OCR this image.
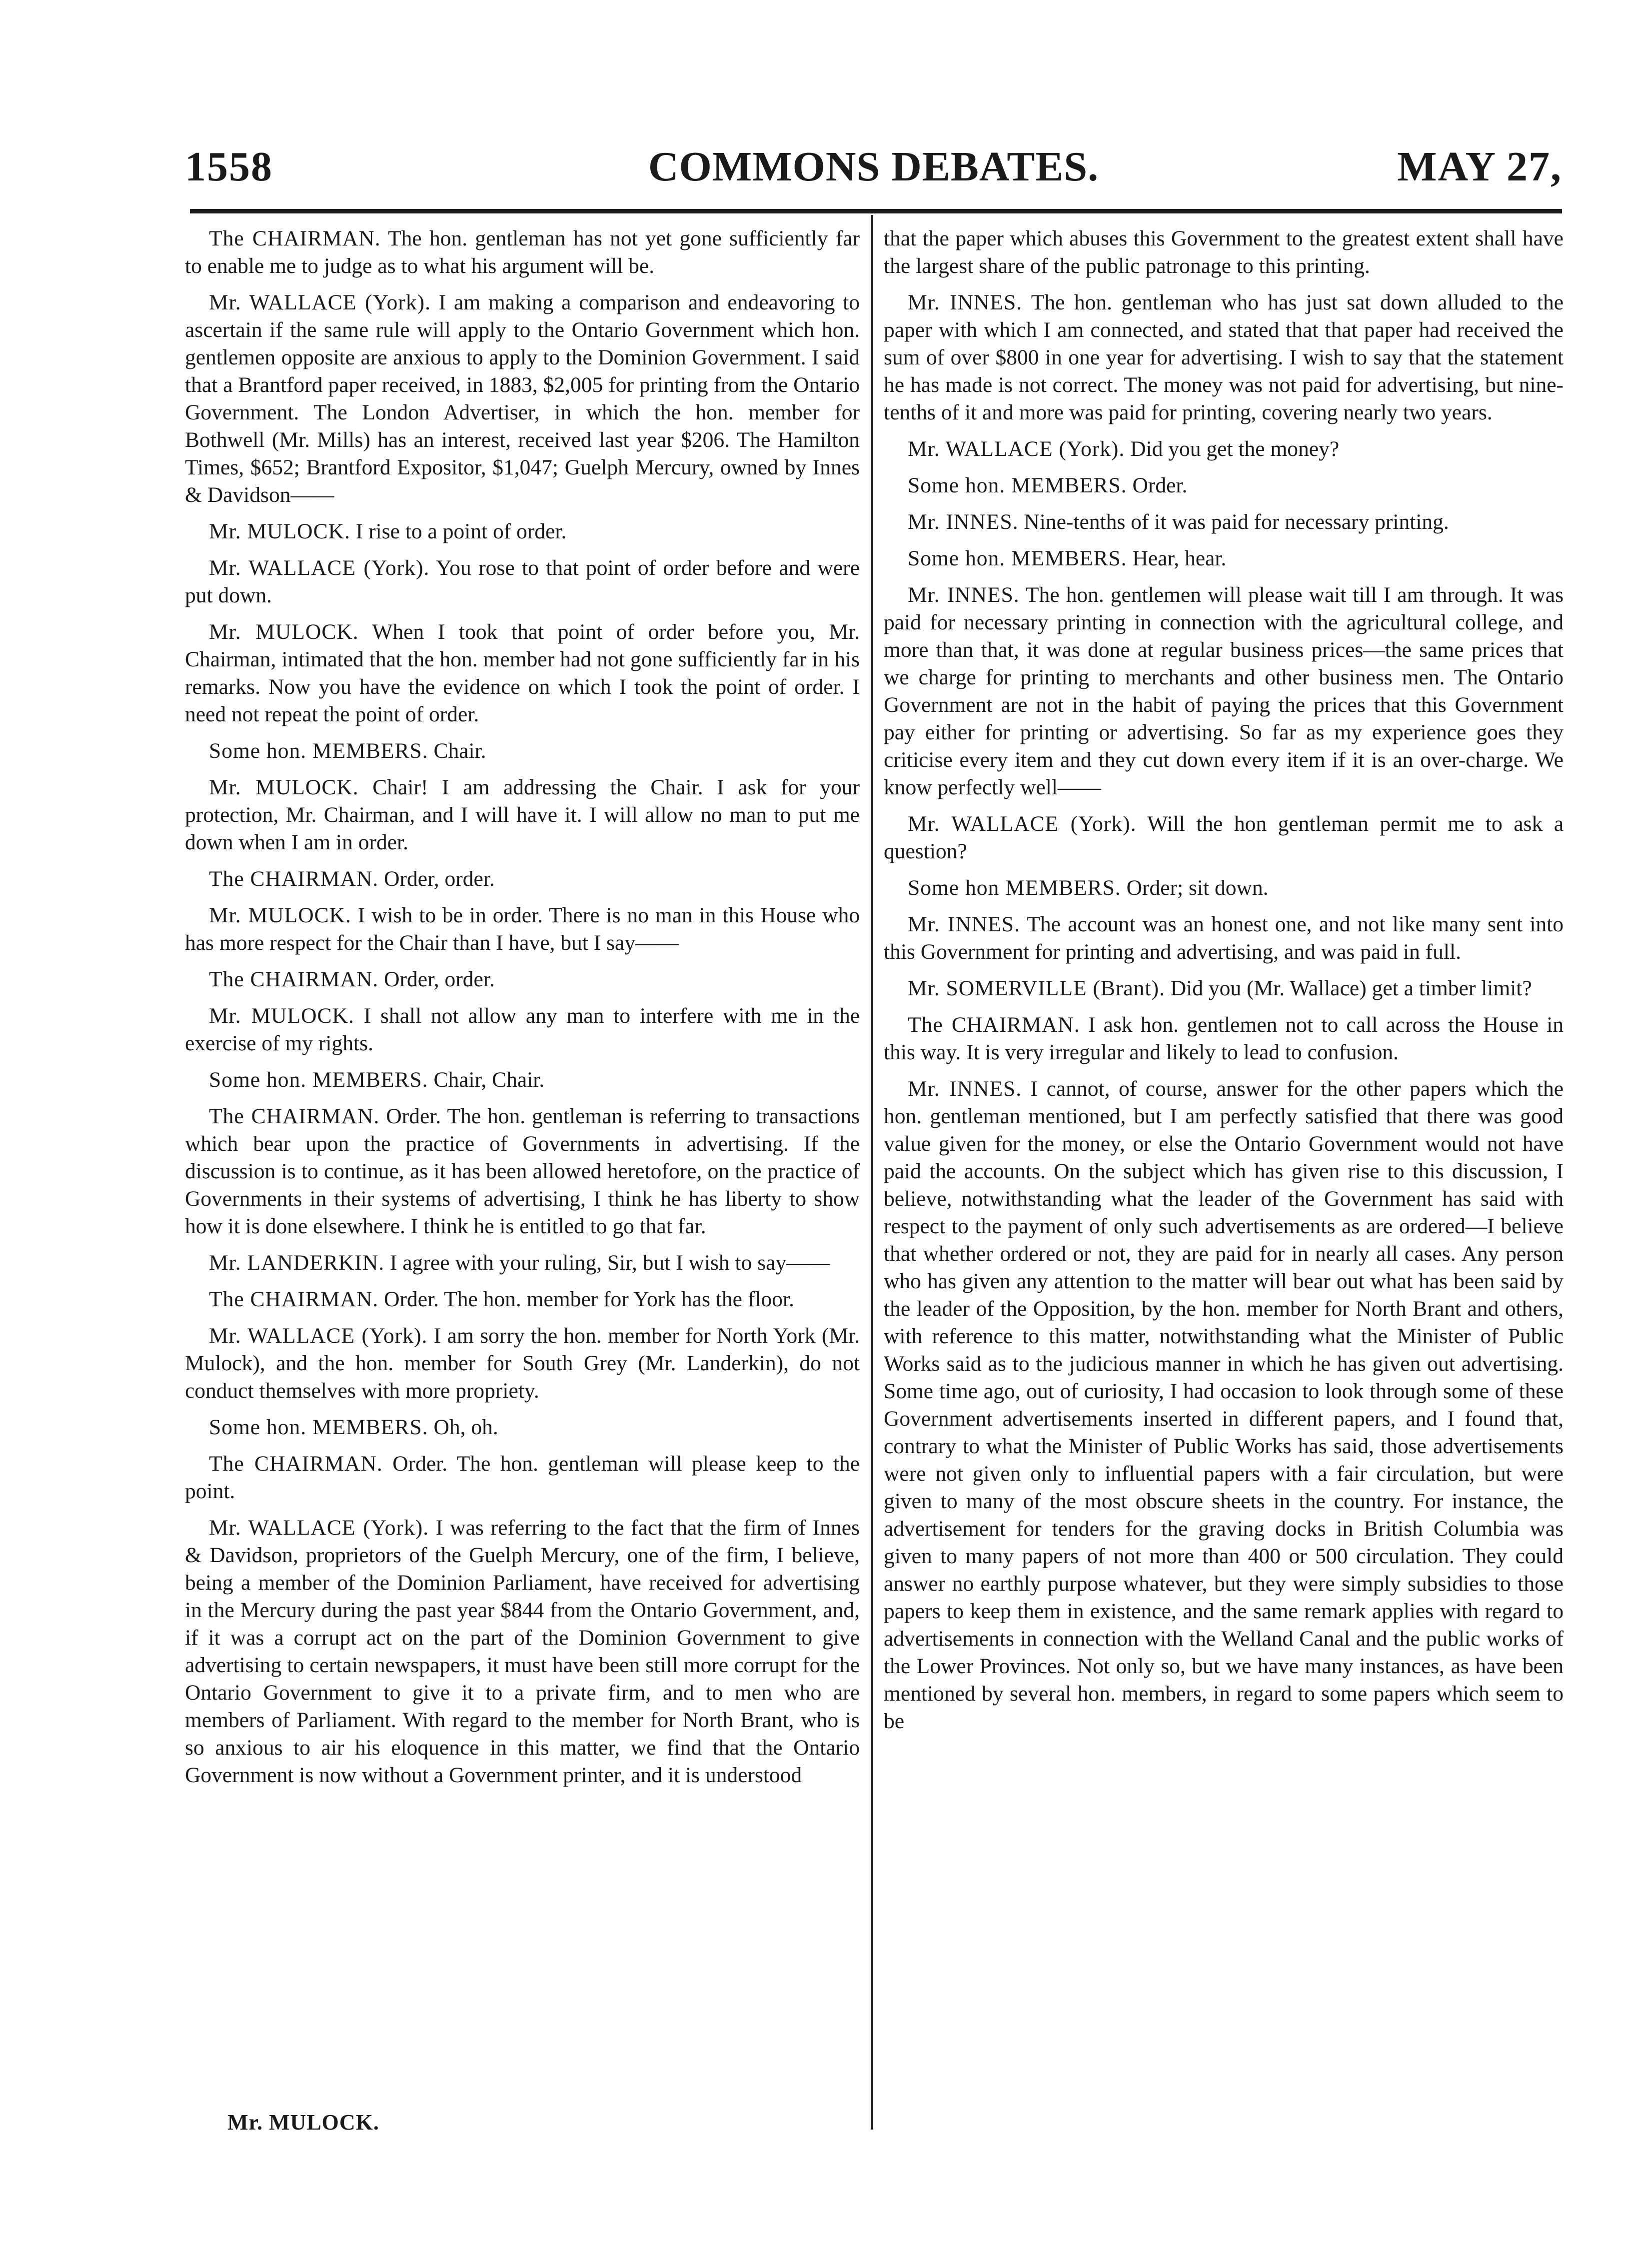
1558	COMMONS DEBATES.	MAY 27,
The CHAIRMAN. The hon. gentleman has not yet gone sufficiently far to enable me to judge as to what his argument will be.
Mr. WALLACE (York). I am making a comparison and endeavoring to ascertain if the same rule will apply to the Ontario Government which hon. gentlemen opposite are anxious to apply to the Dominion Government. I said that a Brantford paper received, in 1883, $2,005 for printing from the Ontario Government. The London Advertiser, in which the hon. member for Bothwell (Mr. Mills) has an interest, received last year $206. The Hamilton Times, $652; Brantford Expositor, $1,047; Guelph Mercury, owned by Innes & Davidson——
Mr. MULOCK. I rise to a point of order.
Mr. WALLACE (York). You rose to that point of order before and were put down.
Mr. MULOCK. When I took that point of order before you, Mr. Chairman, intimated that the hon. member had not gone sufficiently far in his remarks. Now you have the evidence on which I took the point of order. I need not repeat the point of order.
Some hon. MEMBERS. Chair.
Mr. MULOCK. Chair! I am addressing the Chair. I ask for your protection, Mr. Chairman, and I will have it. I will allow no man to put me down when I am in order.
The CHAIRMAN. Order, order.
Mr. MULOCK. I wish to be in order. There is no man in this House who has more respect for the Chair than I have, but I say——
The CHAIRMAN. Order, order.
Mr. MULOCK. I shall not allow any man to interfere with me in the exercise of my rights.
Some hon. MEMBERS. Chair, Chair.
The CHAIRMAN. Order. The hon. gentleman is referring to transactions which bear upon the practice of Governments in advertising. If the discussion is to continue, as it has been allowed heretofore, on the practice of Governments in their systems of advertising, I think he has liberty to show how it is done elsewhere. I think he is entitled to go that far.
Mr. LANDERKIN. I agree with your ruling, Sir, but I wish to say——
The CHAIRMAN. Order. The hon. member for York has the floor.
Mr. WALLACE (York). I am sorry the hon. member for North York (Mr. Mulock), and the hon. member for South Grey (Mr. Landerkin), do not conduct themselves with more propriety.
Some hon. MEMBERS. Oh, oh.
The CHAIRMAN. Order. The hon. gentleman will please keep to the point.
Mr. WALLACE (York). I was referring to the fact that the firm of Innes & Davidson, proprietors of the Guelph Mercury, one of the firm, I believe, being a member of the Dominion Parliament, have received for advertising in the Mercury during the past year $844 from the Ontario Government, and, if it was a corrupt act on the part of the Dominion Government to give advertising to certain newspapers, it must have been still more corrupt for the Ontario Government to give it to a private firm, and to men who are members of Parliament. With regard to the member for North Brant, who is so anxious to air his eloquence in this matter, we find that the Ontario Government is now without a Government printer, and it is understood
that the paper which abuses this Government to the greatest extent shall have the largest share of the public patronage to this printing.
Mr. INNES. The hon. gentleman who has just sat down alluded to the paper with which I am connected, and stated that that paper had received the sum of over $800 in one year for advertising. I wish to say that the statement he has made is not correct. The money was not paid for advertising, but nine-tenths of it and more was paid for printing, covering nearly two years.
Mr. WALLACE (York). Did you get the money?
Some hon. MEMBERS. Order.
Mr. INNES. Nine-tenths of it was paid for necessary printing.
Some hon. MEMBERS. Hear, hear.
Mr. INNES. The hon. gentlemen will please wait till I am through. It was paid for necessary printing in connection with the agricultural college, and more than that, it was done at regular business prices—the same prices that we charge for printing to merchants and other business men. The Ontario Government are not in the habit of paying the prices that this Government pay either for printing or advertising. So far as my experience goes they criticise every item and they cut down every item if it is an over-charge. We know perfectly well——
Mr. WALLACE (York). Will the hon gentleman permit me to ask a question?
Some hon MEMBERS. Order; sit down.
Mr. INNES. The account was an honest one, and not like many sent into this Government for printing and advertising, and was paid in full.
Mr. SOMERVILLE (Brant). Did you (Mr. Wallace) get a timber limit?
The CHAIRMAN. I ask hon. gentlemen not to call across the House in this way. It is very irregular and likely to lead to confusion.
Mr. INNES. I cannot, of course, answer for the other papers which the hon. gentleman mentioned, but I am perfectly satisfied that there was good value given for the money, or else the Ontario Government would not have paid the accounts. On the subject which has given rise to this discussion, I believe, notwithstanding what the leader of the Government has said with respect to the payment of only such advertisements as are ordered—I believe that whether ordered or not, they are paid for in nearly all cases. Any person who has given any attention to the matter will bear out what has been said by the leader of the Opposition, by the hon. member for North Brant and others, with reference to this matter, notwithstanding what the Minister of Public Works said as to the judicious manner in which he has given out advertising. Some time ago, out of curiosity, I had occasion to look through some of these Government advertisements inserted in different papers, and I found that, contrary to what the Minister of Public Works has said, those advertisements were not given only to influential papers with a fair circulation, but were given to many of the most obscure sheets in the country. For instance, the advertisement for tenders for the graving docks in British Columbia was given to many papers of not more than 400 or 500 circulation. They could answer no earthly purpose whatever, but they were simply subsidies to those papers to keep them in existence, and the same remark applies with regard to advertisements in connection with the Welland Canal and the public works of the Lower Provinces. Not only so, but we have many instances, as have been mentioned by several hon. members, in regard to some papers which seem to be
Mr. MULOCK.
